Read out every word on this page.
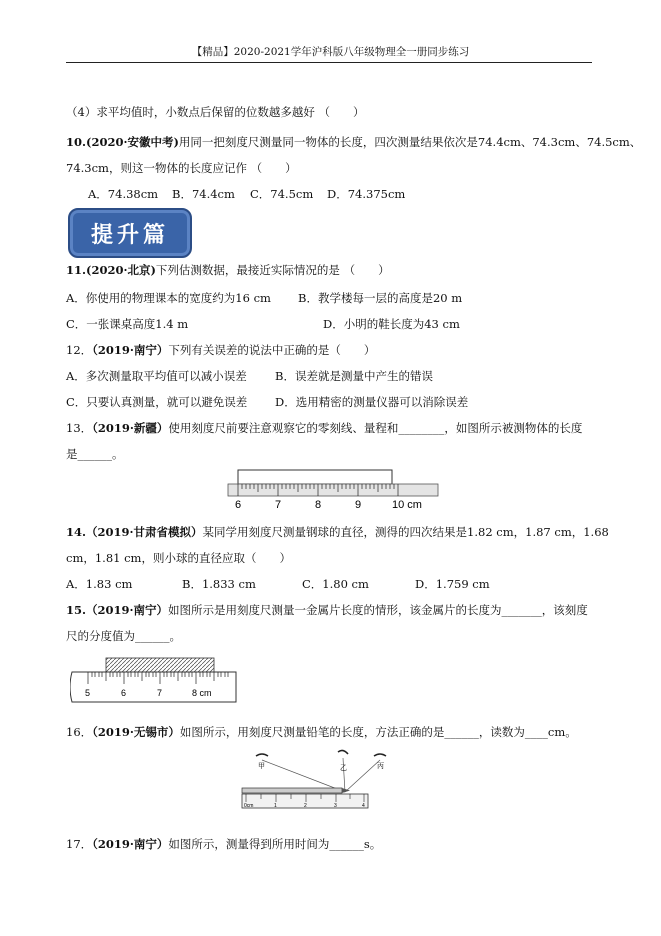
【精品】2020-2021学年沪科版八年级物理全一册同步练习
（4）求平均值时，小数点后保留的位数越多越好 （　　）
10.(2020·安徽中考)用同一把刻度尺测量同一物体的长度，四次测量结果依次是74.4cm、74.3cm、74.5cm、
74.3cm，则这一物体的长度应记作 （　　）
A．74.38cm B．74.4cm C．74.5cm D．74.375cm
提升篇
11.(2020·北京)下列估测数据，最接近实际情况的是 （　　）
A．你使用的物理课本的宽度约为16 cm B．教学楼每一层的高度是20 m
C．一张课桌高度1.4 m	D．小明的鞋长度为43 cm
12．（2019·南宁）下列有关误差的说法中正确的是（　　）
A．多次测量取平均值可以减小误差 B．误差就是测量中产生的错误
C．只要认真测量，就可以避免误差 D．选用精密的测量仪器可以消除误差
13．（2019·新疆）使用刻度尺前要注意观察它的零刻线、量程和________，如图所示被测物体的长度
是______。
6	7	8	9	10 cm
14.（2019·甘肃省模拟）某同学用刻度尺测量钢球的直径，测得的四次结果是1.82 cm，1.87 cm，1.68
cm，1.81 cm，则小球的直径应取（　　）
A．1.83 cm	B．1.833 cm	C．1.80 cm	D．1.759 cm
15.（2019·南宁）如图所示是用刻度尺测量一金属片长度的情形，该金属片的长度为_______，该刻度
尺的分度值为______。
5	6	7	8 cm
16．（2019·无锡市）如图所示，用刻度尺测量铅笔的长度，方法正确的是______，读数为____cm。
甲	乙	丙
0cm	1	2	3	4
17．（2019·南宁）如图所示，测量得到所用时间为______s。
